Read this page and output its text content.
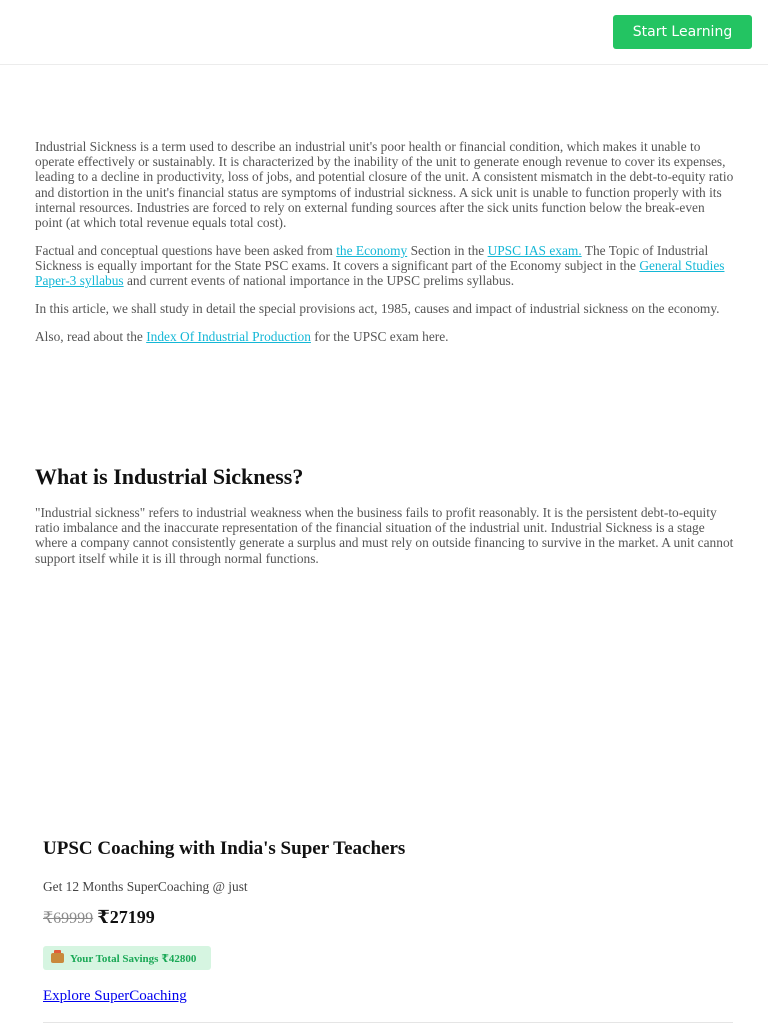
Start Learning

Industrial Sickness is a term used to describe an industrial unit's poor health or financial condition, which makes it unable to operate effectively or sustainably. It is characterized by the inability of the unit to generate enough revenue to cover its expenses, leading to a decline in productivity, loss of jobs, and potential closure of the unit. A consistent mismatch in the debt-to-equity ratio and distortion in the unit's financial status are symptoms of industrial sickness. A sick unit is unable to function properly with its internal resources. Industries are forced to rely on external funding sources after the sick units function below the break-even point (at which total revenue equals total cost).

Factual and conceptual questions have been asked from the Economy Section in the UPSC IAS exam. The Topic of Industrial Sickness is equally important for the State PSC exams. It covers a significant part of the Economy subject in the General Studies Paper-3 syllabus and current events of national importance in the UPSC prelims syllabus.

In this article, we shall study in detail the special provisions act, 1985, causes and impact of industrial sickness on the economy.

Also, read about the Index Of Industrial Production for the UPSC exam here.

What is Industrial Sickness?

"Industrial sickness" refers to industrial weakness when the business fails to profit reasonably. It is the persistent debt-to-equity ratio imbalance and the inaccurate representation of the financial situation of the industrial unit. Industrial Sickness is a stage where a company cannot consistently generate a surplus and must rely on outside financing to survive in the market. A unit cannot support itself while it is ill through normal functions.

UPSC Coaching with India's Super Teachers

Get 12 Months SuperCoaching @ just

₹69999 ₹27199
Your Total Savings ₹42800
Explore SuperCoaching
